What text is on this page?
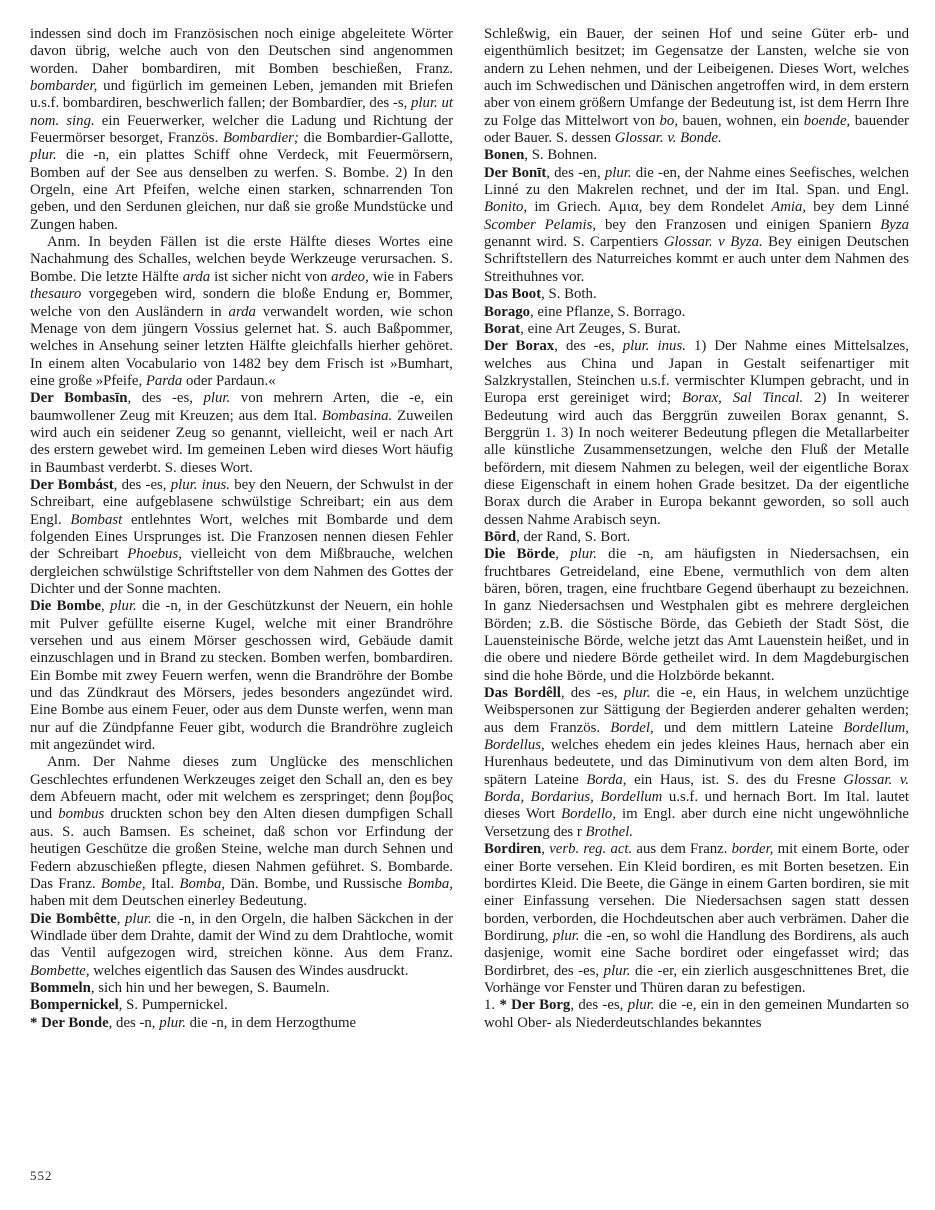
indessen sind doch im Französischen noch einige abgeleitete Wörter davon übrig, welche auch von den Deutschen sind angenommen worden. Daher bombardiren, mit Bomben beschießen, Franz. bombarder, und figürlich im gemeinen Leben, jemanden mit Briefen u.s.f. bombardiren, beschwerlich fallen; der Bombardīer, des -s, plur. ut nom. sing. ein Feuerwerker, welcher die Ladung und Richtung der Feuermörser besorget, Französ. Bombardier; die Bombardier-Gallotte, plur. die -n, ein plattes Schiff ohne Verdeck, mit Feuermörsern, Bomben auf der See aus denselben zu werfen. S. Bombe. 2) In den Orgeln, eine Art Pfeifen, welche einen starken, schnarrenden Ton geben, und den Serdunen gleichen, nur daß sie große Mundstücke und Zungen haben.
Anm. In beyden Fällen ist die erste Hälfte dieses Wortes eine Nachahmung des Schalles, welchen beyde Werkzeuge verursachen. S. Bombe. Die letzte Hälfte arda ist sicher nicht von ardeo, wie in Fabers thesauro vorgegeben wird, sondern die bloße Endung er, Bommer, welche von den Ausländern in arda verwandelt worden, wie schon Menage von dem jüngern Vossius gelernet hat. S. auch Baßpommer, welches in Ansehung seiner letzten Hälfte gleichfalls hierher gehöret. In einem alten Vocabulario von 1482 bey dem Frisch ist »Bumhart, eine große »Pfeife, Parda oder Pardaun.«
Der Bombasīn, des -es, plur. von mehrern Arten, die -e, ein baumwollener Zeug mit Kreuzen; aus dem Ital. Bombasina. Zuweilen wird auch ein seidener Zeug so genannt, vielleicht, weil er nach Art des erstern gewebet wird. Im gemeinen Leben wird dieses Wort häufig in Baumbast verderbt. S. dieses Wort.
Der Bombást, des -es, plur. inus. bey den Neuern, der Schwulst in der Schreibart, eine aufgeblasene schwülstige Schreibart; ein aus dem Engl. Bombast entlehntes Wort, welches mit Bombarde und dem folgenden Eines Ursprunges ist. Die Franzosen nennen diesen Fehler der Schreibart Phoebus, vielleicht von dem Mißbrauche, welchen dergleichen schwülstige Schriftsteller von dem Nahmen des Gottes der Dichter und der Sonne machten.
Die Bombe, plur. die -n, in der Geschützkunst der Neuern, ein hohle mit Pulver gefüllte eiserne Kugel, welche mit einer Brandröhre versehen und aus einem Mörser geschossen wird, Gebäude damit einzuschlagen und in Brand zu stecken. Bomben werfen, bombardiren. Ein Bombe mit zwey Feuern werfen, wenn die Brandröhre der Bombe und das Zündkraut des Mörsers, jedes besonders angezündet wird. Eine Bombe aus einem Feuer, oder aus dem Dunste werfen, wenn man nur auf die Zündpfanne Feuer gibt, wodurch die Brandröhre zugleich mit angezündet wird.
Anm. Der Nahme dieses zum Unglücke des menschlichen Geschlechtes erfundenen Werkzeuges zeiget den Schall an, den es bey dem Abfeuern macht, oder mit welchem es zerspringet; denn βομβος und bombus druckten schon bey den Alten diesen dumpfigen Schall aus. S. auch Bamsen. Es scheinet, daß schon vor Erfindung der heutigen Geschütze die großen Steine, welche man durch Sehnen und Federn abzuschießen pflegte, diesen Nahmen geführet. S. Bombarde. Das Franz. Bombe, Ital. Bomba, Dän. Bombe, und Russische Bomba, haben mit dem Deutschen einerley Bedeutung.
Die Bombêtte, plur. die -n, in den Orgeln, die halben Säckchen in der Windlade über dem Drahte, damit der Wind zu dem Drahtloche, womit das Ventil aufgezogen wird, streichen könne. Aus dem Franz. Bombette, welches eigentlich das Sausen des Windes ausdruckt.
Bommeln, sich hin und her bewegen, S. Baumeln.
Bompernickel, S. Pumpernickel.
* Der Bonde, des -n, plur. die -n, in dem Herzogthume
Schleßwig, ein Bauer, der seinen Hof und seine Güter erb- und eigenthümlich besitzet; im Gegensatze der Lansten, welche sie von andern zu Lehen nehmen, und der Leibeigenen. Dieses Wort, welches auch im Schwedischen und Dänischen angetroffen wird, in dem erstern aber von einem größern Umfange der Bedeutung ist, ist dem Herrn Ihre zu Folge das Mittelwort von bo, bauen, wohnen, ein boende, bauender oder Bauer. S. dessen Glossar. v. Bonde.
Bonen, S. Bohnen.
Der Bonīt, des -en, plur. die -en, der Nahme eines Seefisches, welchen Linné zu den Makrelen rechnet, und der im Ital. Span. und Engl. Bonito, im Griech. Αμια, bey dem Rondelet Amia, bey dem Linné Scomber Pelamis, bey den Franzosen und einigen Spaniern Byza genannt wird. S. Carpentiers Glossar. v Byza. Bey einigen Deutschen Schriftstellern des Naturreiches kommt er auch unter dem Nahmen des Streithuhnes vor.
Das Boot, S. Both.
Borago, eine Pflanze, S. Borrago.
Borat, eine Art Zeuges, S. Burat.
Der Borax, des -es, plur. inus. 1) Der Nahme eines Mittelsalzes, welches aus China und Japan in Gestalt seifenartiger mit Salzkrystallen, Steinchen u.s.f. vermischter Klumpen gebracht, und in Europa erst gereiniget wird; Borax, Sal Tincal. 2) In weiterer Bedeutung wird auch das Berggrün zuweilen Borax genannt, S. Berggrün 1. 3) In noch weiterer Bedeutung pflegen die Metallarbeiter alle künstliche Zusammensetzungen, welche den Fluß der Metalle befördern, mit diesem Nahmen zu belegen, weil der eigentliche Borax diese Eigenschaft in einem hohen Grade besitzet. Da der eigentliche Borax durch die Araber in Europa bekannt geworden, so soll auch dessen Nahme Arabisch seyn.
Bōrd, der Rand, S. Bort.
Die Börde, plur. die -n, am häufigsten in Niedersachsen, ein fruchtbares Getreideland, eine Ebene, vermuthlich von dem alten bären, bören, tragen, eine fruchtbare Gegend überhaupt zu bezeichnen. In ganz Niedersachsen und Westphalen gibt es mehrere dergleichen Börden; z.B. die Söstische Börde, das Gebieth der Stadt Söst, die Lauensteinische Börde, welche jetzt das Amt Lauenstein heißet, und in die obere und niedere Börde getheilet wird. In dem Magdeburgischen sind die hohe Börde, und die Holzbörde bekannt.
Das Bordêll, des -es, plur. die -e, ein Haus, in welchem unzüchtige Weibspersonen zur Sättigung der Begierden anderer gehalten werden; aus dem Französ. Bordel, und dem mittlern Lateine Bordellum, Bordellus, welches ehedem ein jedes kleines Haus, hernach aber ein Hurenhaus bedeutete, und das Diminutivum von dem alten Bord, im spätern Lateine Borda, ein Haus, ist. S. des du Fresne Glossar. v. Borda, Bordarius, Bordellum u.s.f. und hernach Bort. Im Ital. lautet dieses Wort Bordello, im Engl. aber durch eine nicht ungewöhnliche Versetzung des r Brothel.
Bordiren, verb. reg. act. aus dem Franz. border, mit einem Borte, oder einer Borte versehen. Ein Kleid bordiren, es mit Borten besetzen. Ein bordirtes Kleid. Die Beete, die Gänge in einem Garten bordiren, sie mit einer Einfassung versehen. Die Niedersachsen sagen statt dessen borden, verborden, die Hochdeutschen aber auch verbrämen. Daher die Bordirung, plur. die -en, so wohl die Handlung des Bordirens, als auch dasjenige, womit eine Sache bordiret oder eingefasset wird; das Bordirbret, des -es, plur. die -er, ein zierlich ausgeschnittenes Bret, die Vorhänge vor Fenster und Thüren daran zu befestigen.
1. * Der Borg, des -es, plur. die -e, ein in den gemeinen Mundarten so wohl Ober- als Niederdeutschlandes bekanntes
552
